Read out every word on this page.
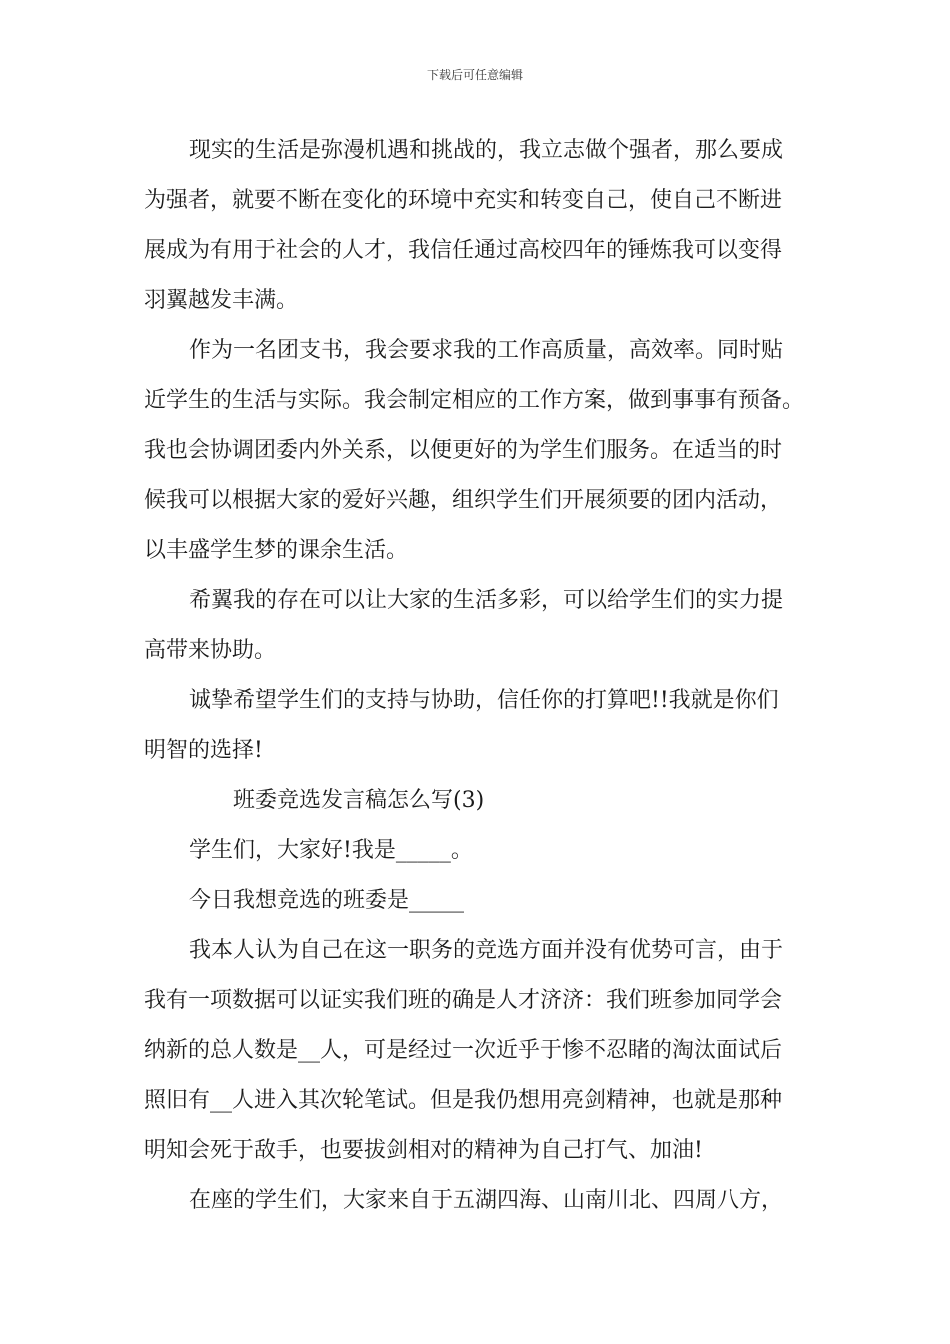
下载后可任意编辑
现实的生活是弥漫机遇和挑战的，我立志做个强者，那么要成
为强者，就要不断在变化的环境中充实和转变自己，使自己不断进
展成为有用于社会的人才，我信任通过高校四年的锤炼我可以变得
羽翼越发丰满。
作为一名团支书，我会要求我的工作高质量，高效率。同时贴
近学生的生活与实际。我会制定相应的工作方案，做到事事有预备。
我也会协调团委内外关系，以便更好的为学生们服务。在适当的时
候我可以根据大家的爱好兴趣，组织学生们开展须要的团内活动，
以丰盛学生梦的课余生活。
希翼我的存在可以让大家的生活多彩，可以给学生们的实力提
高带来协助。
诚挚希望学生们的支持与协助，信任你的打算吧!!我就是你们
明智的选择!
班委竞选发言稿怎么写(3)
学生们，大家好!我是_____。
今日我想竞选的班委是_____
我本人认为自己在这一职务的竞选方面并没有优势可言，由于
我有一项数据可以证实我们班的确是人才济济：我们班参加同学会
纳新的总人数是__人，可是经过一次近乎于惨不忍睹的淘汰面试后
照旧有__人进入其次轮笔试。但是我仍想用亮剑精神，也就是那种
明知会死于敌手，也要拔剑相对的精神为自己打气、加油!
在座的学生们，大家来自于五湖四海、山南川北、四周八方，
